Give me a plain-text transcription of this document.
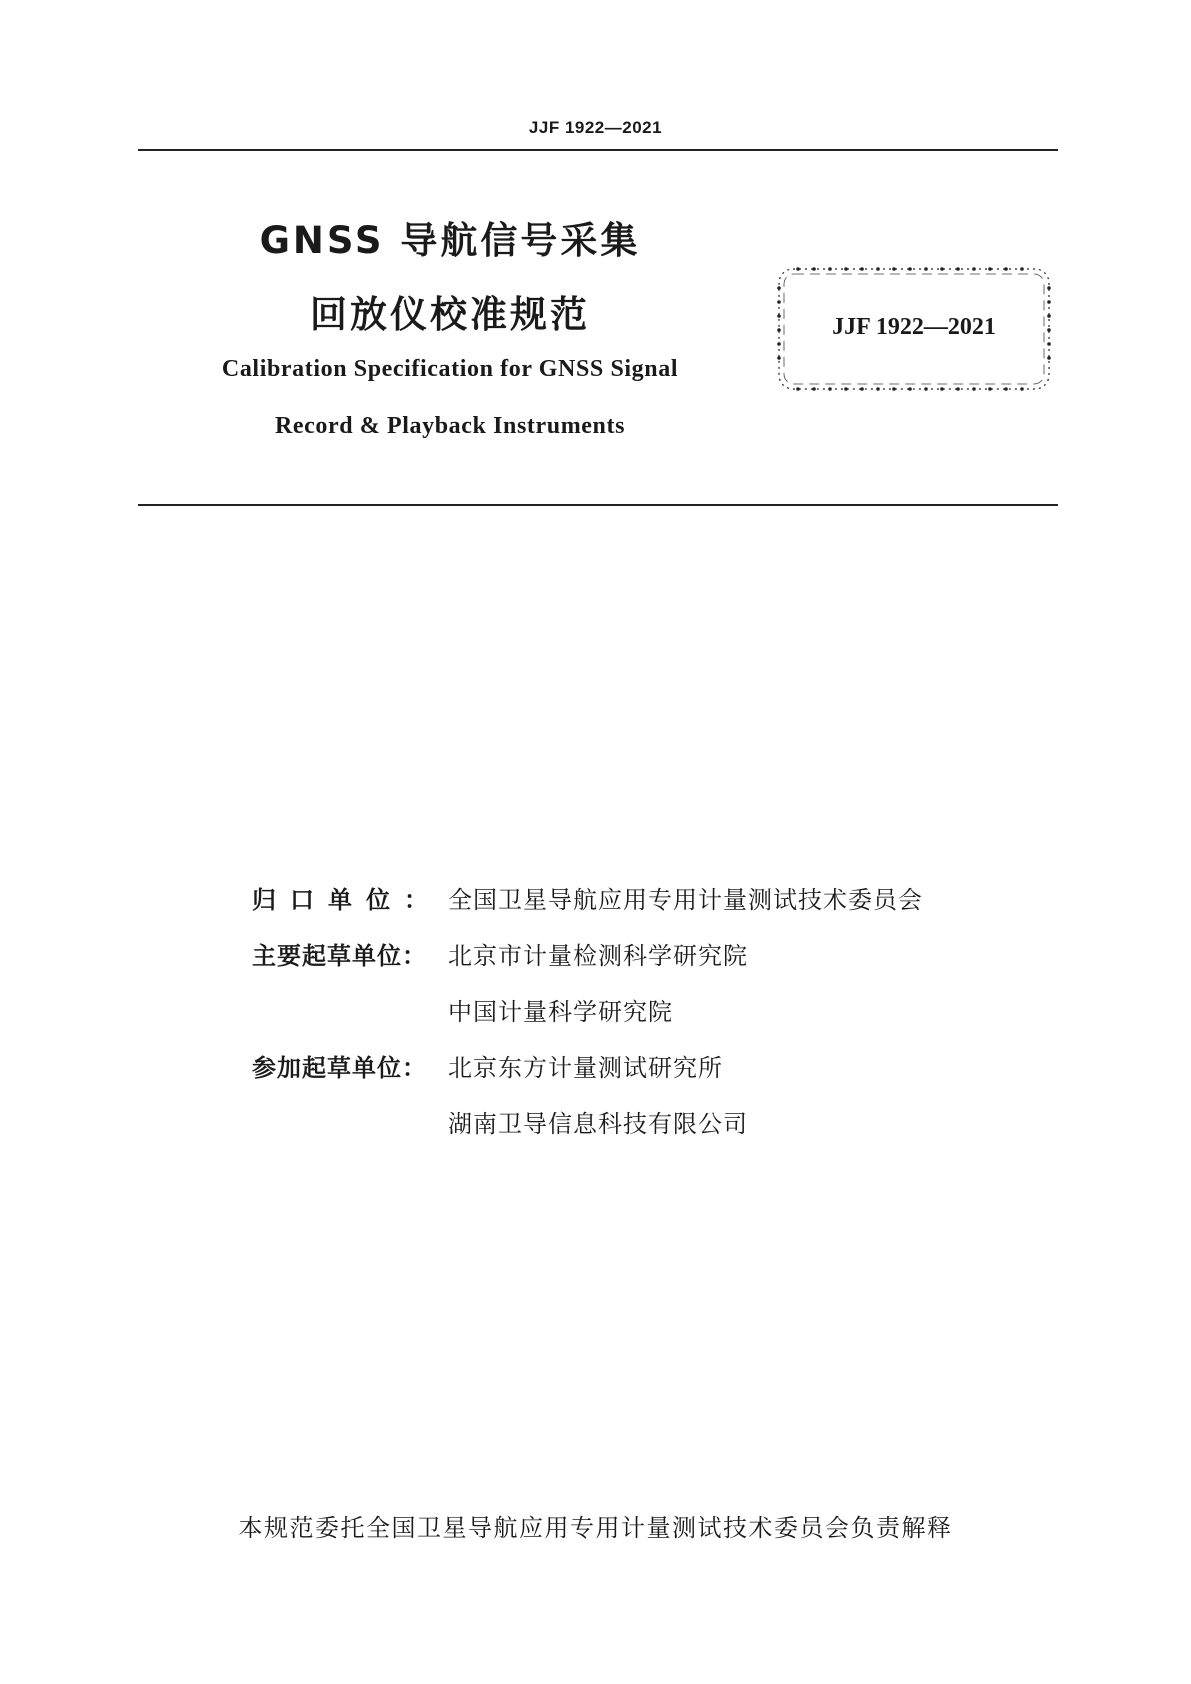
JJF 1922—2021
GNSS 导航信号采集
回放仪校准规范
Calibration Specification for GNSS Signal
Record & Playback Instruments
JJF 1922—2021
归口单位： 全国卫星导航应用专用计量测试技术委员会
主要起草单位： 北京市计量检测科学研究院
中国计量科学研究院
参加起草单位： 北京东方计量测试研究所
湖南卫导信息科技有限公司
本规范委托全国卫星导航应用专用计量测试技术委员会负责解释
